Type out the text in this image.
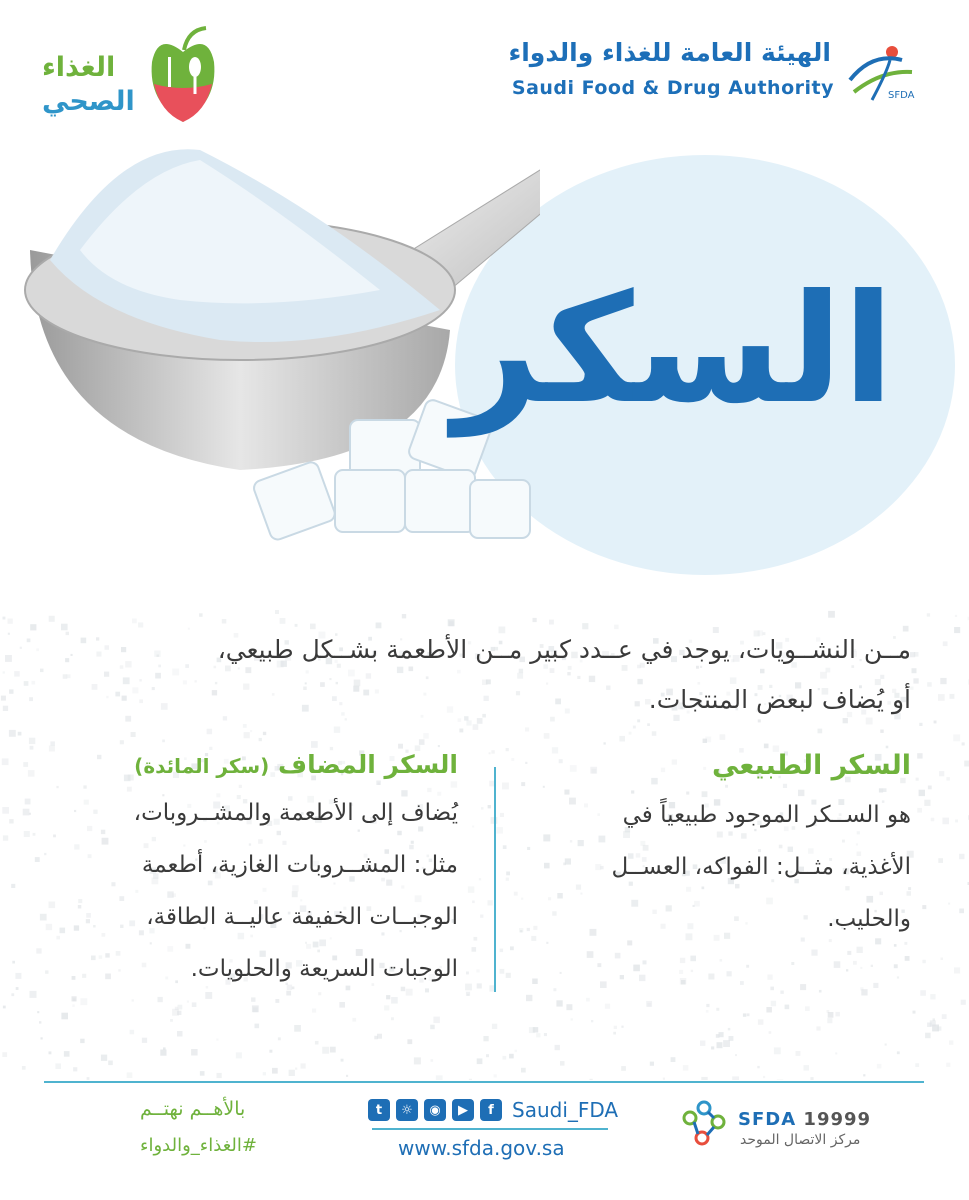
SFDA
الهيئة العامة للغذاء والدواء
Saudi Food & Drug Authority
الغذاء
الصحي
السكر
مــن النشــويات، يوجد في عــدد كبير مــن الأطعمة بشــكل طبيعي،
أو يُضاف لبعض المنتجات.
السكر الطبيعي
هو الســكر الموجود طبيعياً في
الأغذية، مثــل: الفواكه، العســل
والحليب.
السكر المضاف (سكر المائدة)
يُضاف إلى الأطعمة والمشــروبات،
مثل: المشــروبات الغازية، أطعمة
الوجبــات الخفيفة عاليــة الطاقة،
الوجبات السريعة والحلويات.
بالأهــم نهتــم
#الغذاء_والدواء
t	☼	◉	▶	f Saudi_FDA
www.sfda.gov.sa
SFDA 19999
مركز الاتصال الموحد
